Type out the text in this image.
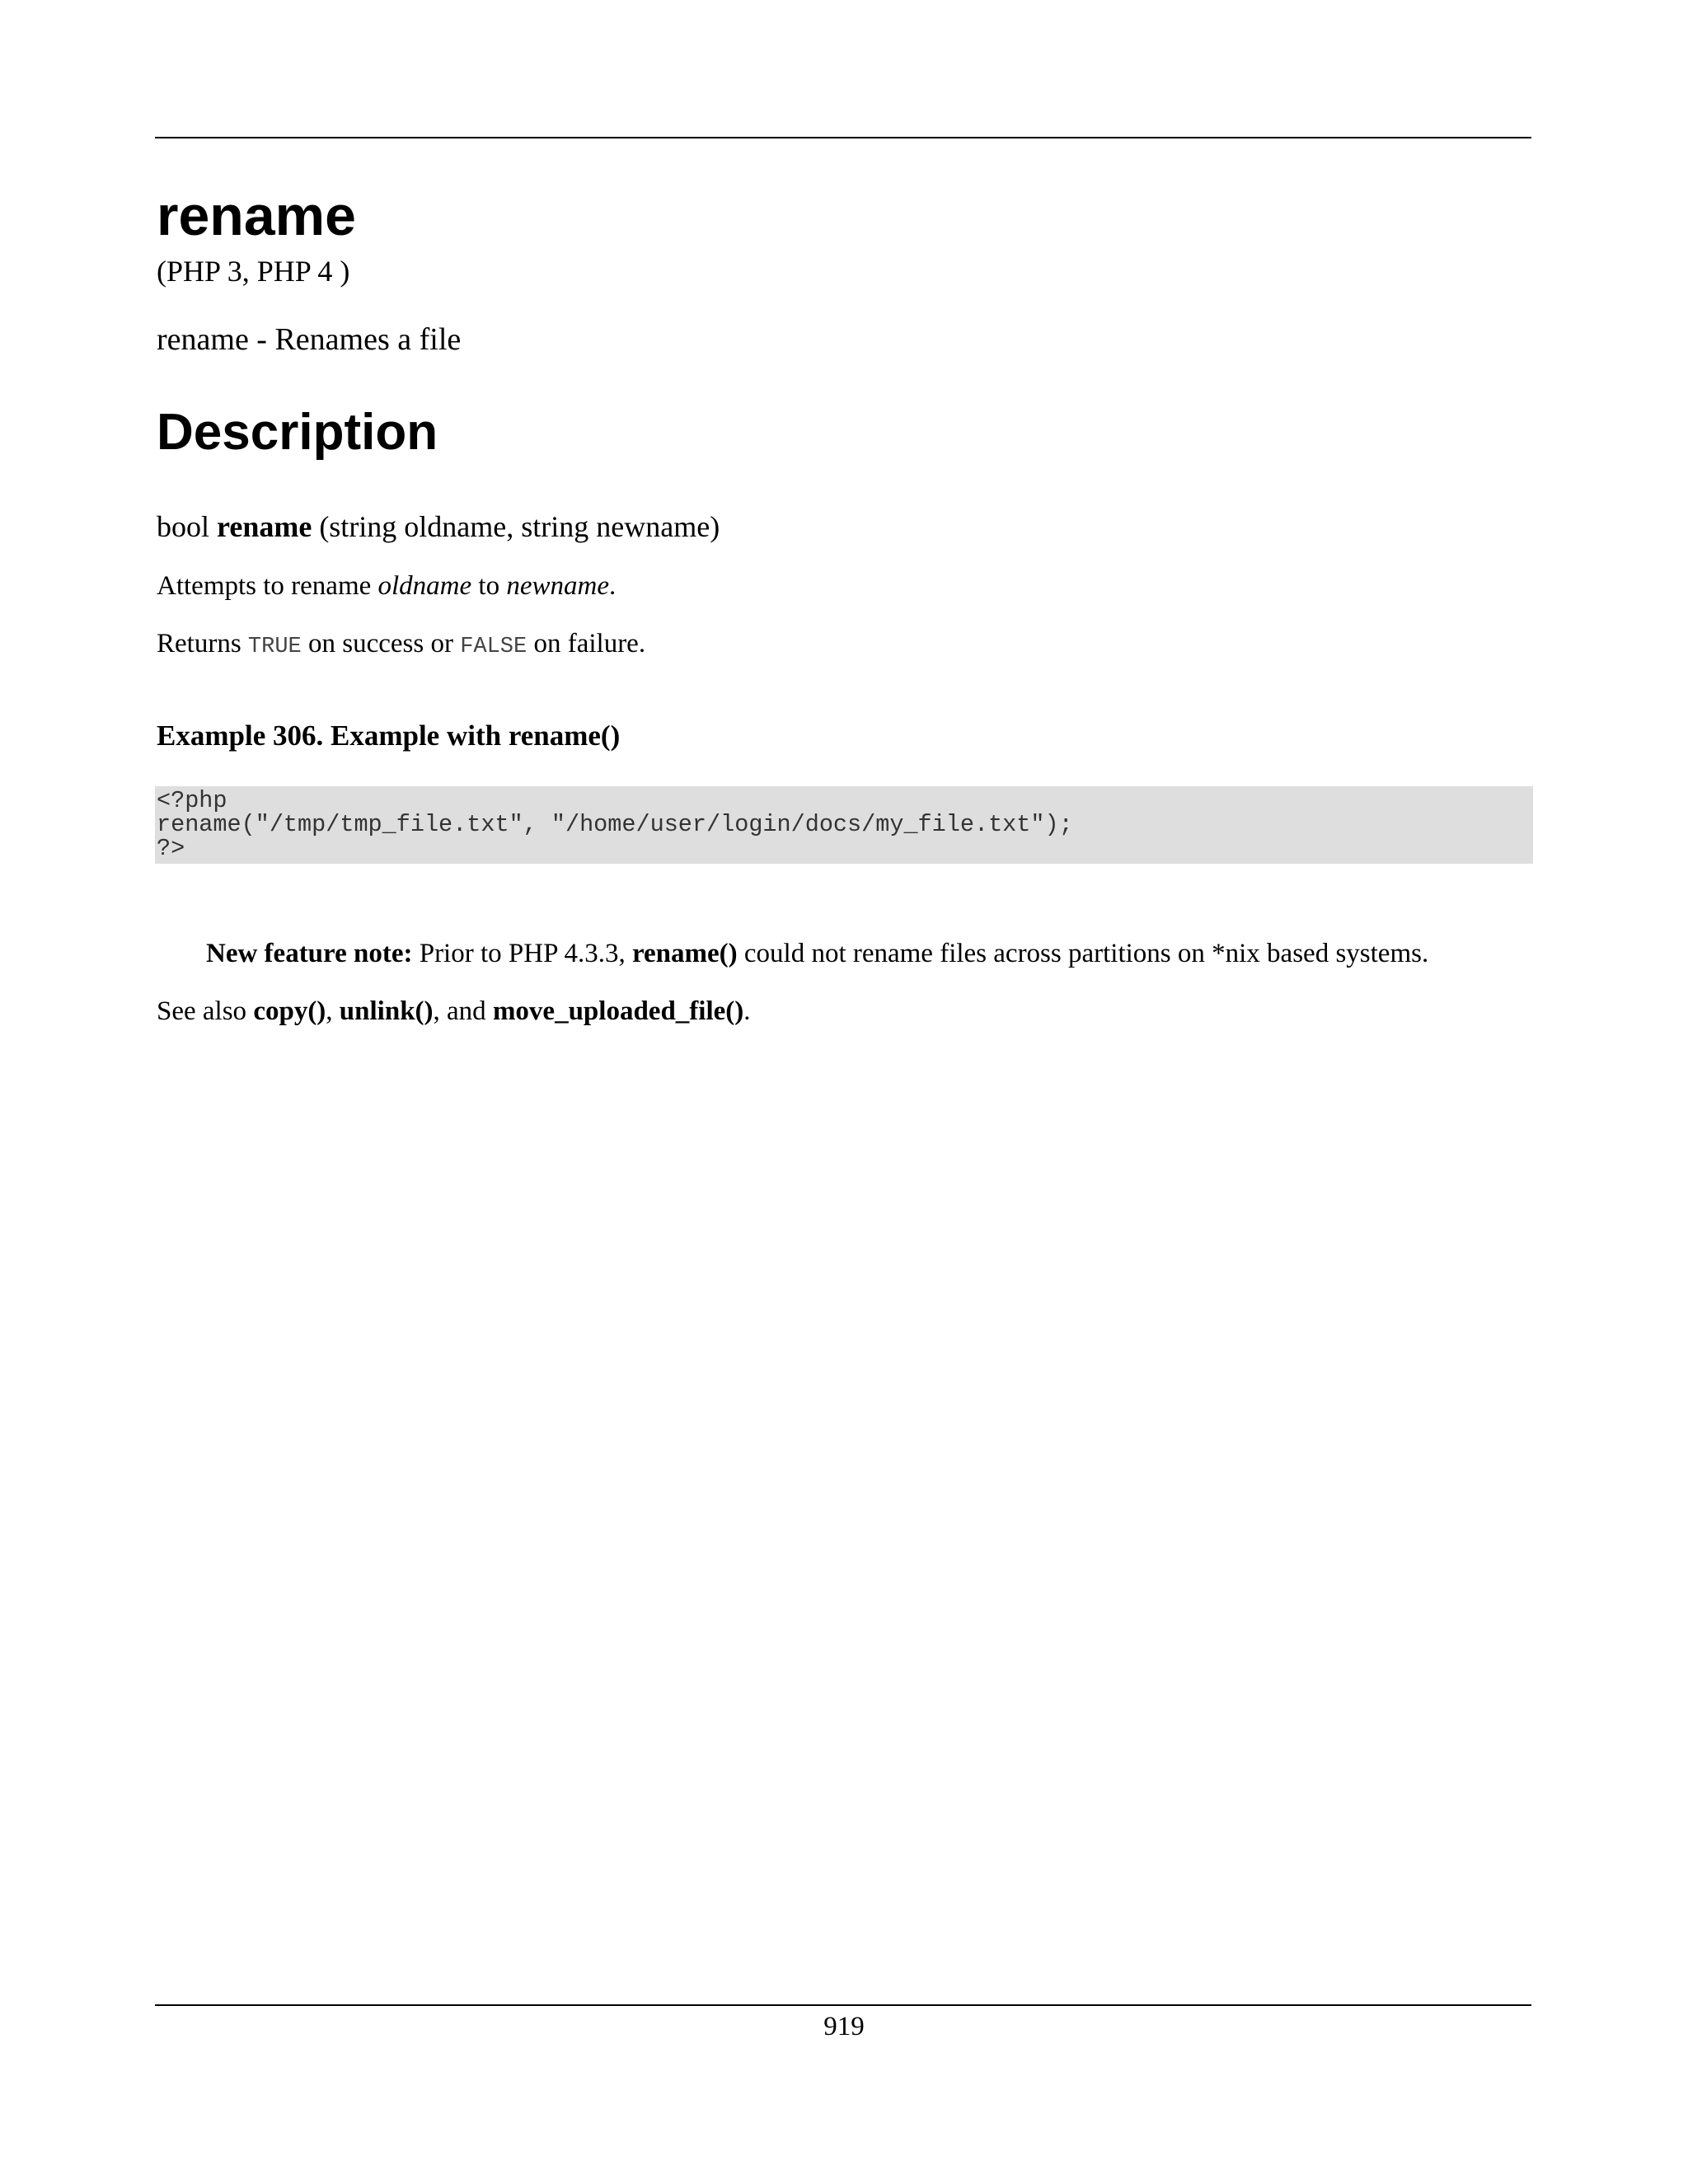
rename
(PHP 3, PHP 4 )
rename - Renames a file
Description
bool rename (string oldname, string newname)
Attempts to rename oldname to newname.
Returns TRUE on success or FALSE on failure.
Example 306. Example with rename()
<?php
rename("/tmp/tmp_file.txt", "/home/user/login/docs/my_file.txt");
?>
New feature note: Prior to PHP 4.3.3, rename() could not rename files across partitions on *nix based systems.
See also copy(), unlink(), and move_uploaded_file().
919
